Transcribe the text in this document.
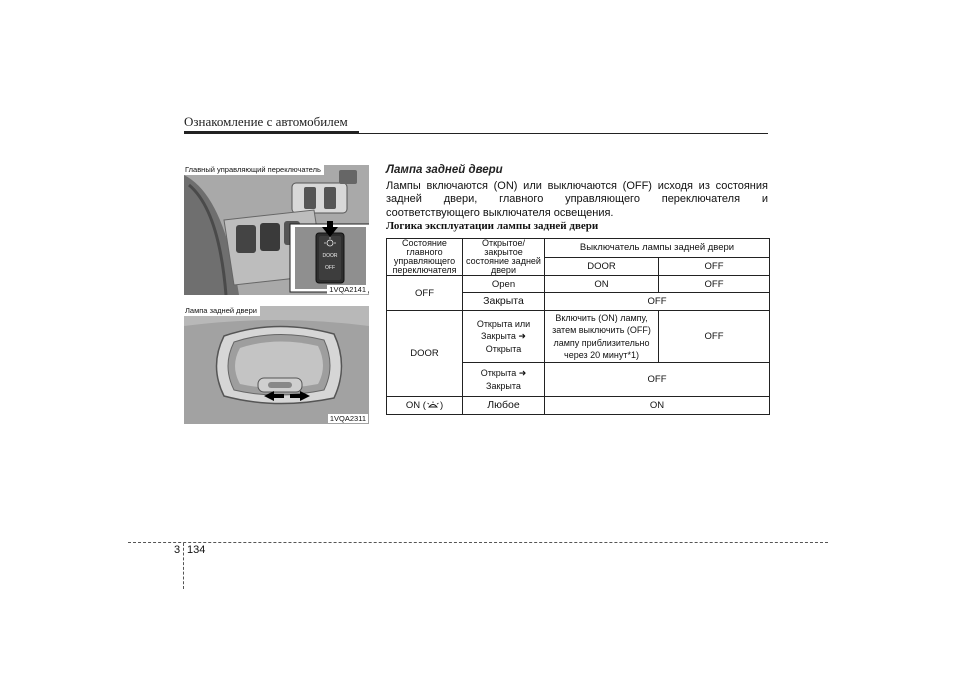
Ознакомление с автомобилем
DOOR
OFF
Главный управляющий переключатель
1VQA2141
Лампа задней двери
1VQA2311
Лампа задней двери
Лампы включаются (ON) или выключаются (OFF) исходя из состояния задней двери, главного управляющего переключателя и соответствующего выключателя освещения.
Логика эксплуатации лампы задней двери
Состояние главного управляющего переключателя	Открытое/закрытое состояние задней двери	Выключатель лампы задней двери	
		DOOR	OFF
OFF	Open	ON	OFF
	Закрыта	OFF	
DOOR	Открыта или Закрыта ➜ Открыта	Включить (ON) лампу, затем выключить (OFF) лампу приблизительно через 20 минут*1)	OFF
	Открыта ➜ Закрыта	OFF	
ON ( )	Любое	ON	
3 134
